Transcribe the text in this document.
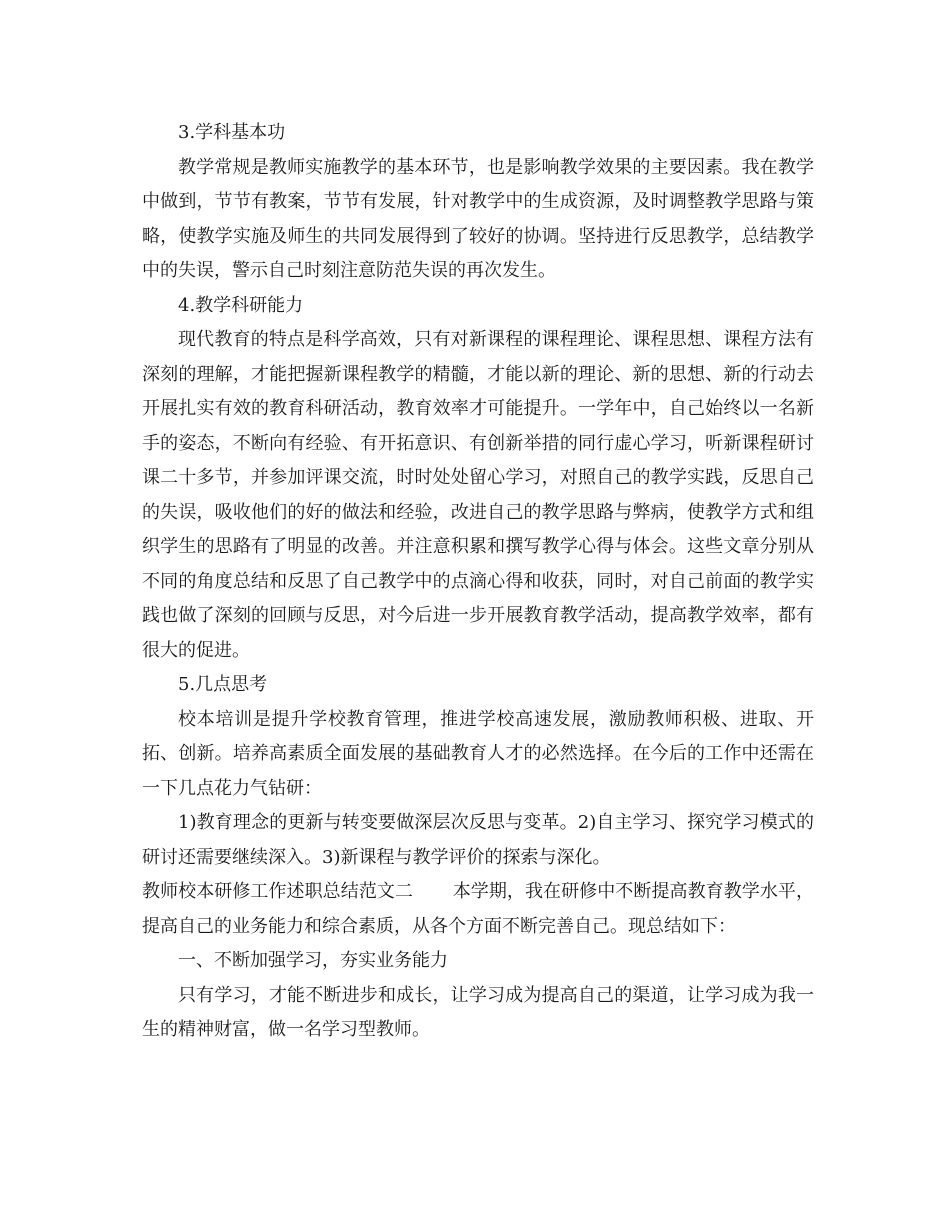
3.学科基本功

教学常规是教师实施教学的基本环节，也是影响教学效果的主要因素。我在教学中做到，节节有教案，节节有发展，针对教学中的生成资源，及时调整教学思路与策略，使教学实施及师生的共同发展得到了较好的协调。坚持进行反思教学，总结教学中的失误，警示自己时刻注意防范失误的再次发生。

4.教学科研能力

现代教育的特点是科学高效，只有对新课程的课程理论、课程思想、课程方法有深刻的理解，才能把握新课程教学的精髓，才能以新的理论、新的思想、新的行动去开展扎实有效的教育科研活动，教育效率才可能提升。一学年中，自己始终以一名新手的姿态，不断向有经验、有开拓意识、有创新举措的同行虚心学习，听新课程研讨课二十多节，并参加评课交流，时时处处留心学习，对照自己的教学实践，反思自己的失误，吸收他们的好的做法和经验，改进自己的教学思路与弊病，使教学方式和组织学生的思路有了明显的改善。并注意积累和撰写教学心得与体会。这些文章分别从不同的角度总结和反思了自己教学中的点滴心得和收获，同时，对自己前面的教学实践也做了深刻的回顾与反思，对今后进一步开展教育教学活动，提高教学效率，都有很大的促进。

5.几点思考

校本培训是提升学校教育管理，推进学校高速发展，激励教师积极、进取、开拓、创新。培养高素质全面发展的基础教育人才的必然选择。在今后的工作中还需在一下几点花力气钻研：

1)教育理念的更新与转变要做深层次反思与变革。2)自主学习、探究学习模式的研讨还需要继续深入。3)新课程与教学评价的探索与深化。

教师校本研修工作述职总结范文二 本学期，我在研修中不断提高教育教学水平，提高自己的业务能力和综合素质，从各个方面不断完善自己。现总结如下：

一、不断加强学习，夯实业务能力

只有学习，才能不断进步和成长，让学习成为提高自己的渠道，让学习成为我一生的精神财富，做一名学习型教师。
